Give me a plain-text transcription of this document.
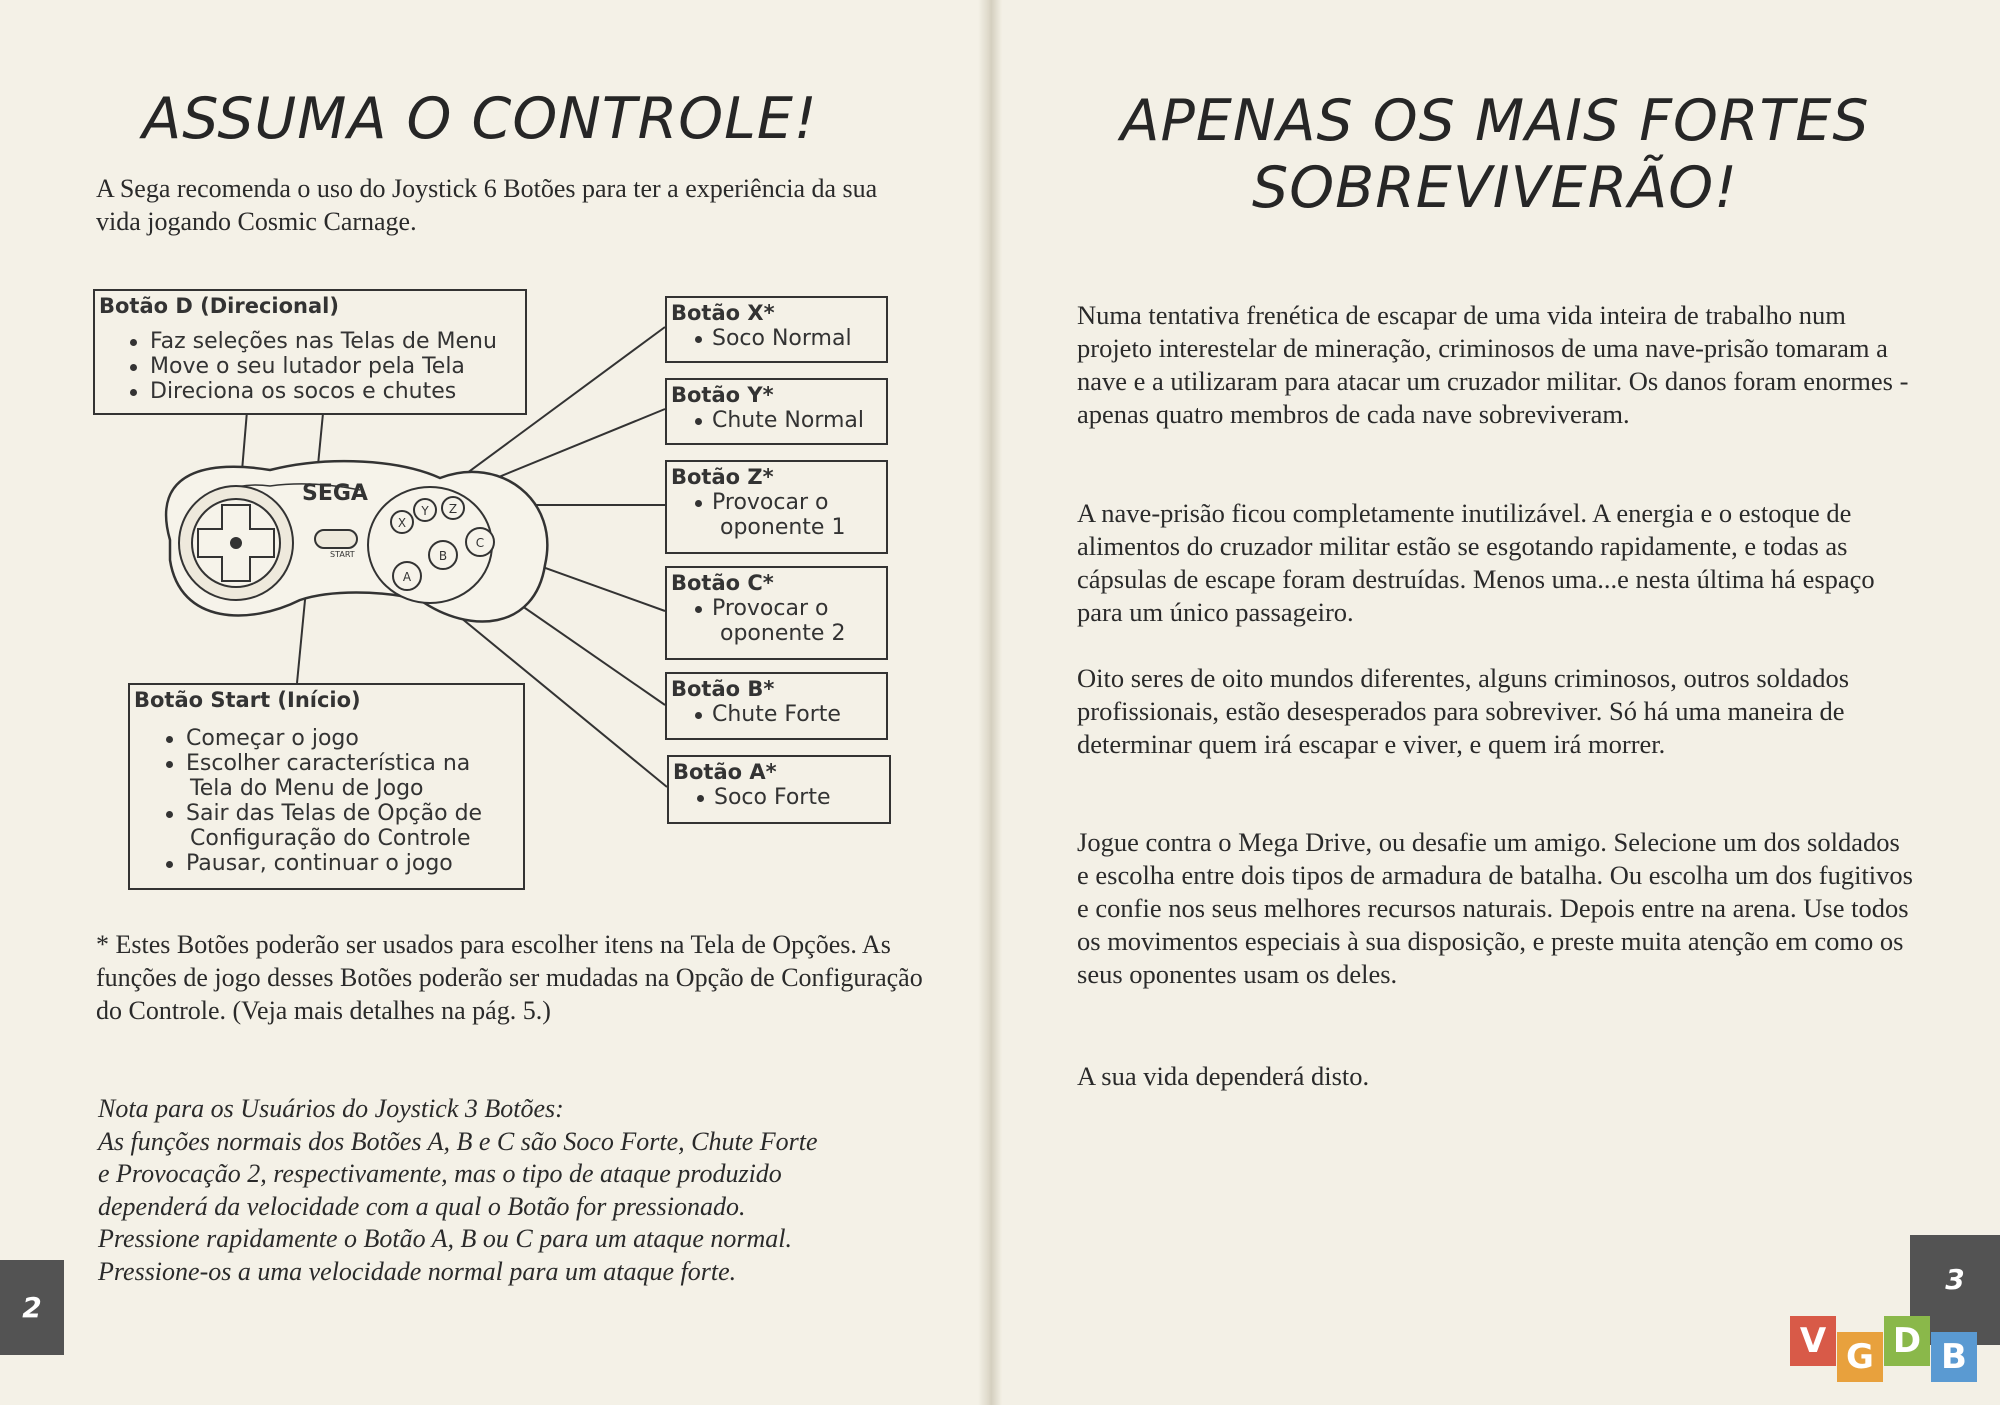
ASSUMA O CONTROLE!

A Sega recomenda o uso do Joystick 6 Botões para ter a experiência da sua vida jogando Cosmic Carnage.

START
SEGA
X
Y Z
A
B
C
Botão D (Direcional)
Faz seleções nas Telas de Menu
Move o seu lutador pela Tela
Direciona os socos e chutes
Botão Start (Início)
Começar o jogo
Escolher característica na
Tela do Menu de Jogo
Sair das Telas de Opção de
Configuração do Controle
Pausar, continuar o jogo
Botão X*
Soco Normal
Botão Y*
Chute Normal
Botão Z*
Provocar o
oponente 1
Botão C*
Provocar o
oponente 2
Botão B*
Chute Forte
Botão A*
Soco Forte

* Estes Botões poderão ser usados para escolher itens na Tela de Opções. As funções de jogo desses Botões poderão ser mudadas na Opção de Configuração do Controle. (Veja mais detalhes na pág. 5.)

Nota para os Usuários do Joystick 3 Botões:
As funções normais dos Botões A, B e C são Soco Forte, Chute Forte
e Provocação 2, respectivamente, mas o tipo de ataque produzido
dependerá da velocidade com a qual o Botão for pressionado.
Pressione rapidamente o Botão A, B ou C para um ataque normal.
Pressione-os a uma velocidade normal para um ataque forte.

2
APENAS OS MAIS FORTES
SOBREVIVERÃO!

Numa tentativa frenética de escapar de uma vida inteira de trabalho num projeto interestelar de mineração, criminosos de uma nave-prisão tomaram a nave e a utilizaram para atacar um cruzador militar. Os danos foram enormes -apenas quatro membros de cada nave sobreviveram.

A nave-prisão ficou completamente inutilizável. A energia e o estoque de alimentos do cruzador militar estão se esgotando rapidamente, e todas as cápsulas de escape foram destruídas. Menos uma...e nesta última há espaço para um único passageiro.

Oito seres de oito mundos diferentes, alguns criminosos, outros soldados profissionais, estão desesperados para sobreviver. Só há uma maneira de determinar quem irá escapar e viver, e quem irá morrer.

Jogue contra o Mega Drive, ou desafie um amigo. Selecione um dos soldados e escolha entre dois tipos de armadura de batalha. Ou escolha um dos fugitivos e confie nos seus melhores recursos naturais. Depois entre na arena. Use todos os movimentos especiais à sua disposição, e preste muita atenção em como os seus oponentes usam os deles.

A sua vida dependerá disto.

3
V G D B
